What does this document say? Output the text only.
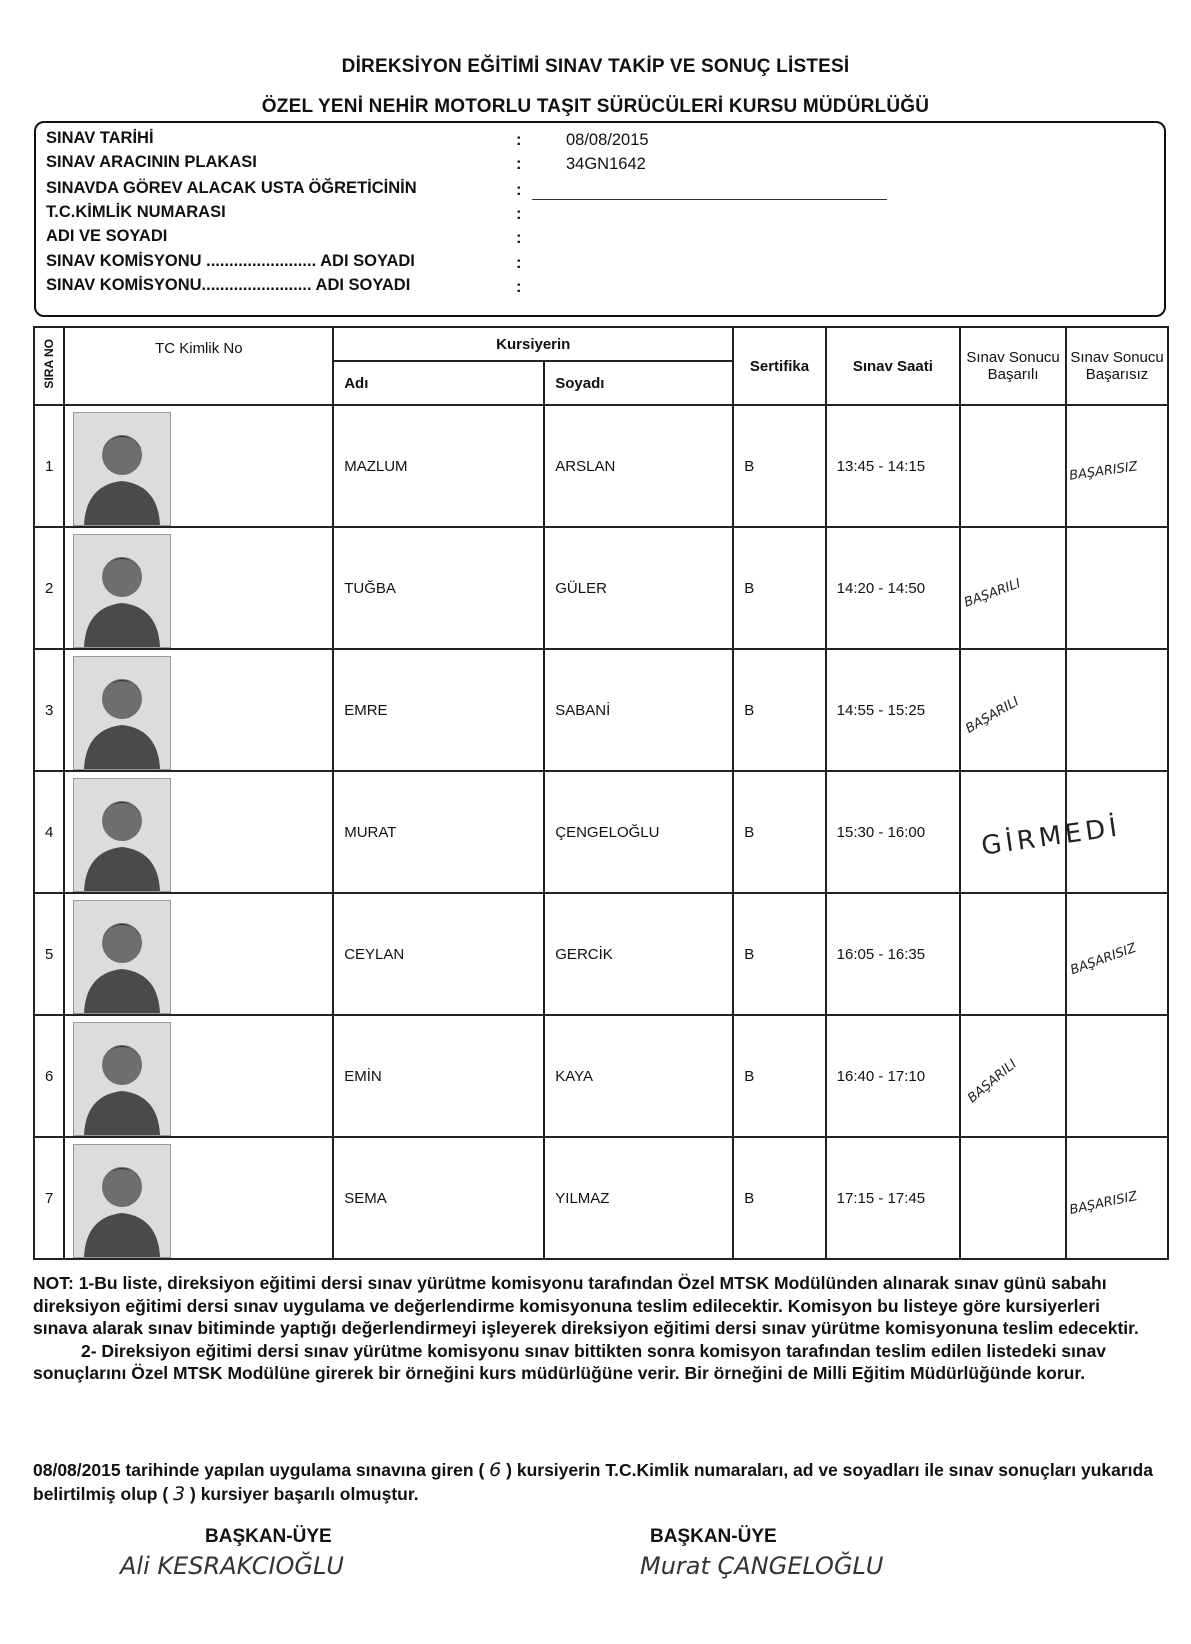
DİREKSİYON EĞİTİMİ SINAV TAKİP VE SONUÇ LİSTESİ
ÖZEL YENİ NEHİR MOTORLU TAŞIT SÜRÜCÜLERİ KURSU MÜDÜRLÜĞÜ
SINAV TARİHİ	:	08/08/2015
SINAV ARACININ PLAKASI	:	34GN1642
SINAVDA GÖREV ALACAK USTA ÖĞRETİCİNİN	:
T.C.KİMLİK NUMARASI	:
ADI VE SOYADI	:
SINAV KOMİSYONU ........................ ADI SOYADI	:
SINAV KOMİSYONU........................ ADI SOYADI	:
SIRA NO	TC Kimlik No	Kursiyerin		Sertifika	Sınav Saati	Sınav Sonucu Başarılı	Sınav Sonucu Başarısız
		Adı	Soyadı				
1		MAZLUM	ARSLAN	B	13:45 - 14:15		BAŞARISIZ

2		TUĞBA	GÜLER	B	14:20 - 14:50	BAŞARILI	

3		EMRE	SABANİ	B	14:55 - 15:25	BAŞARILI	

4		MURAT	ÇENGELOĞLU	B	15:30 - 16:00	GİRMEDİ	

5		CEYLAN	GERCİK	B	16:05 - 16:35		BAŞARISIZ

6		EMİN	KAYA	B	16:40 - 17:10	BAŞARILI	

7		SEMA	YILMAZ	B	17:15 - 17:45		BAŞARISIZ

NOT: 1-Bu liste, direksiyon eğitimi dersi sınav yürütme komisyonu tarafından Özel MTSK Modülünden alınarak sınav günü sabahı direksiyon eğitimi dersi sınav uygulama ve değerlendirme komisyonuna teslim edilecektir. Komisyon bu listeye göre kursiyerleri sınava alarak sınav bitiminde yaptığı değerlendirmeyi işleyerek direksiyon eğitimi dersi sınav yürütme komisyonuna teslim edecektir.

2- Direksiyon eğitimi dersi sınav yürütme komisyonu sınav bittikten sonra komisyon tarafından teslim edilen listedeki sınav sonuçlarını Özel MTSK Modülüne girerek bir örneğini kurs müdürlüğüne verir. Bir örneğini de Milli Eğitim Müdürlüğünde korur.

08/08/2015 tarihinde yapılan uygulama sınavına giren ( 6 ) kursiyerin T.C.Kimlik numaraları, ad ve soyadları ile sınav sonuçları yukarıda belirtilmiş olup ( 3 ) kursiyer başarılı olmuştur.
BAŞKAN-ÜYE	BAŞKAN-ÜYE
Ali KESRAKCIOĞLU	Murat ÇANGELOĞLU
